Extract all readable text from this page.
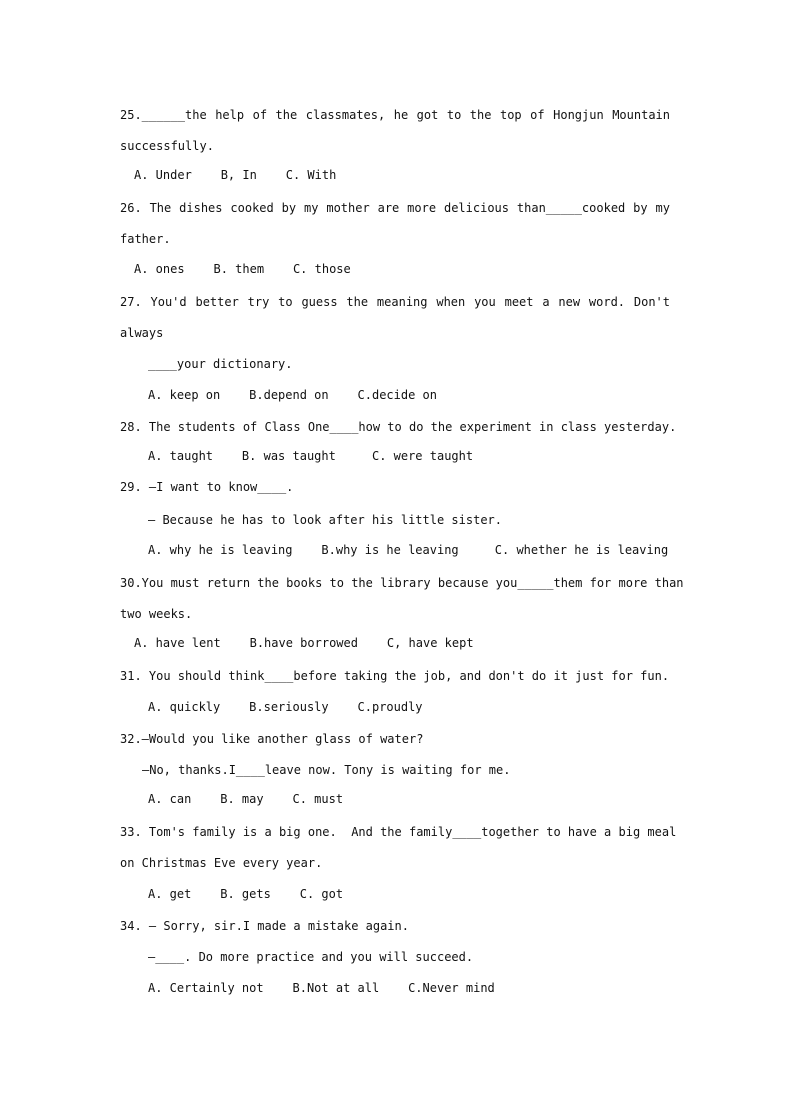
25.______the help of the classmates, he got to the top of Hongjun Mountain
successfully.
A. Under    B, In    C. With
26. The dishes cooked by my mother are more delicious than_____cooked by my
father.
A. ones    B. them    C. those
27. You'd better try to guess the meaning when you meet a new word. Don't
always
____your dictionary.
A. keep on    B.depend on    C.decide on
28. The students of Class One____how to do the experiment in class yesterday.
A. taught    B. was taught     C. were taught
29. —I want to know____.
— Because he has to look after his little sister.
A. why he is leaving    B.why is he leaving     C. whether he is leaving
30.You must return the books to the library because you_____them for more than
two weeks.
A. have lent    B.have borrowed    C, have kept
31. You should think____before taking the job, and don't do it just for fun.
A. quickly    B.seriously    C.proudly
32.—Would you like another glass of water?
—No, thanks.I____leave now. Tony is waiting for me.
A. can    B. may    C. must
33. Tom's family is a big one.  And the family____together to have a big meal
on Christmas Eve every year.
A. get    B. gets    C. got
34. — Sorry, sir.I made a mistake again.
—____. Do more practice and you will succeed.
A. Certainly not    B.Not at all    C.Never mind
